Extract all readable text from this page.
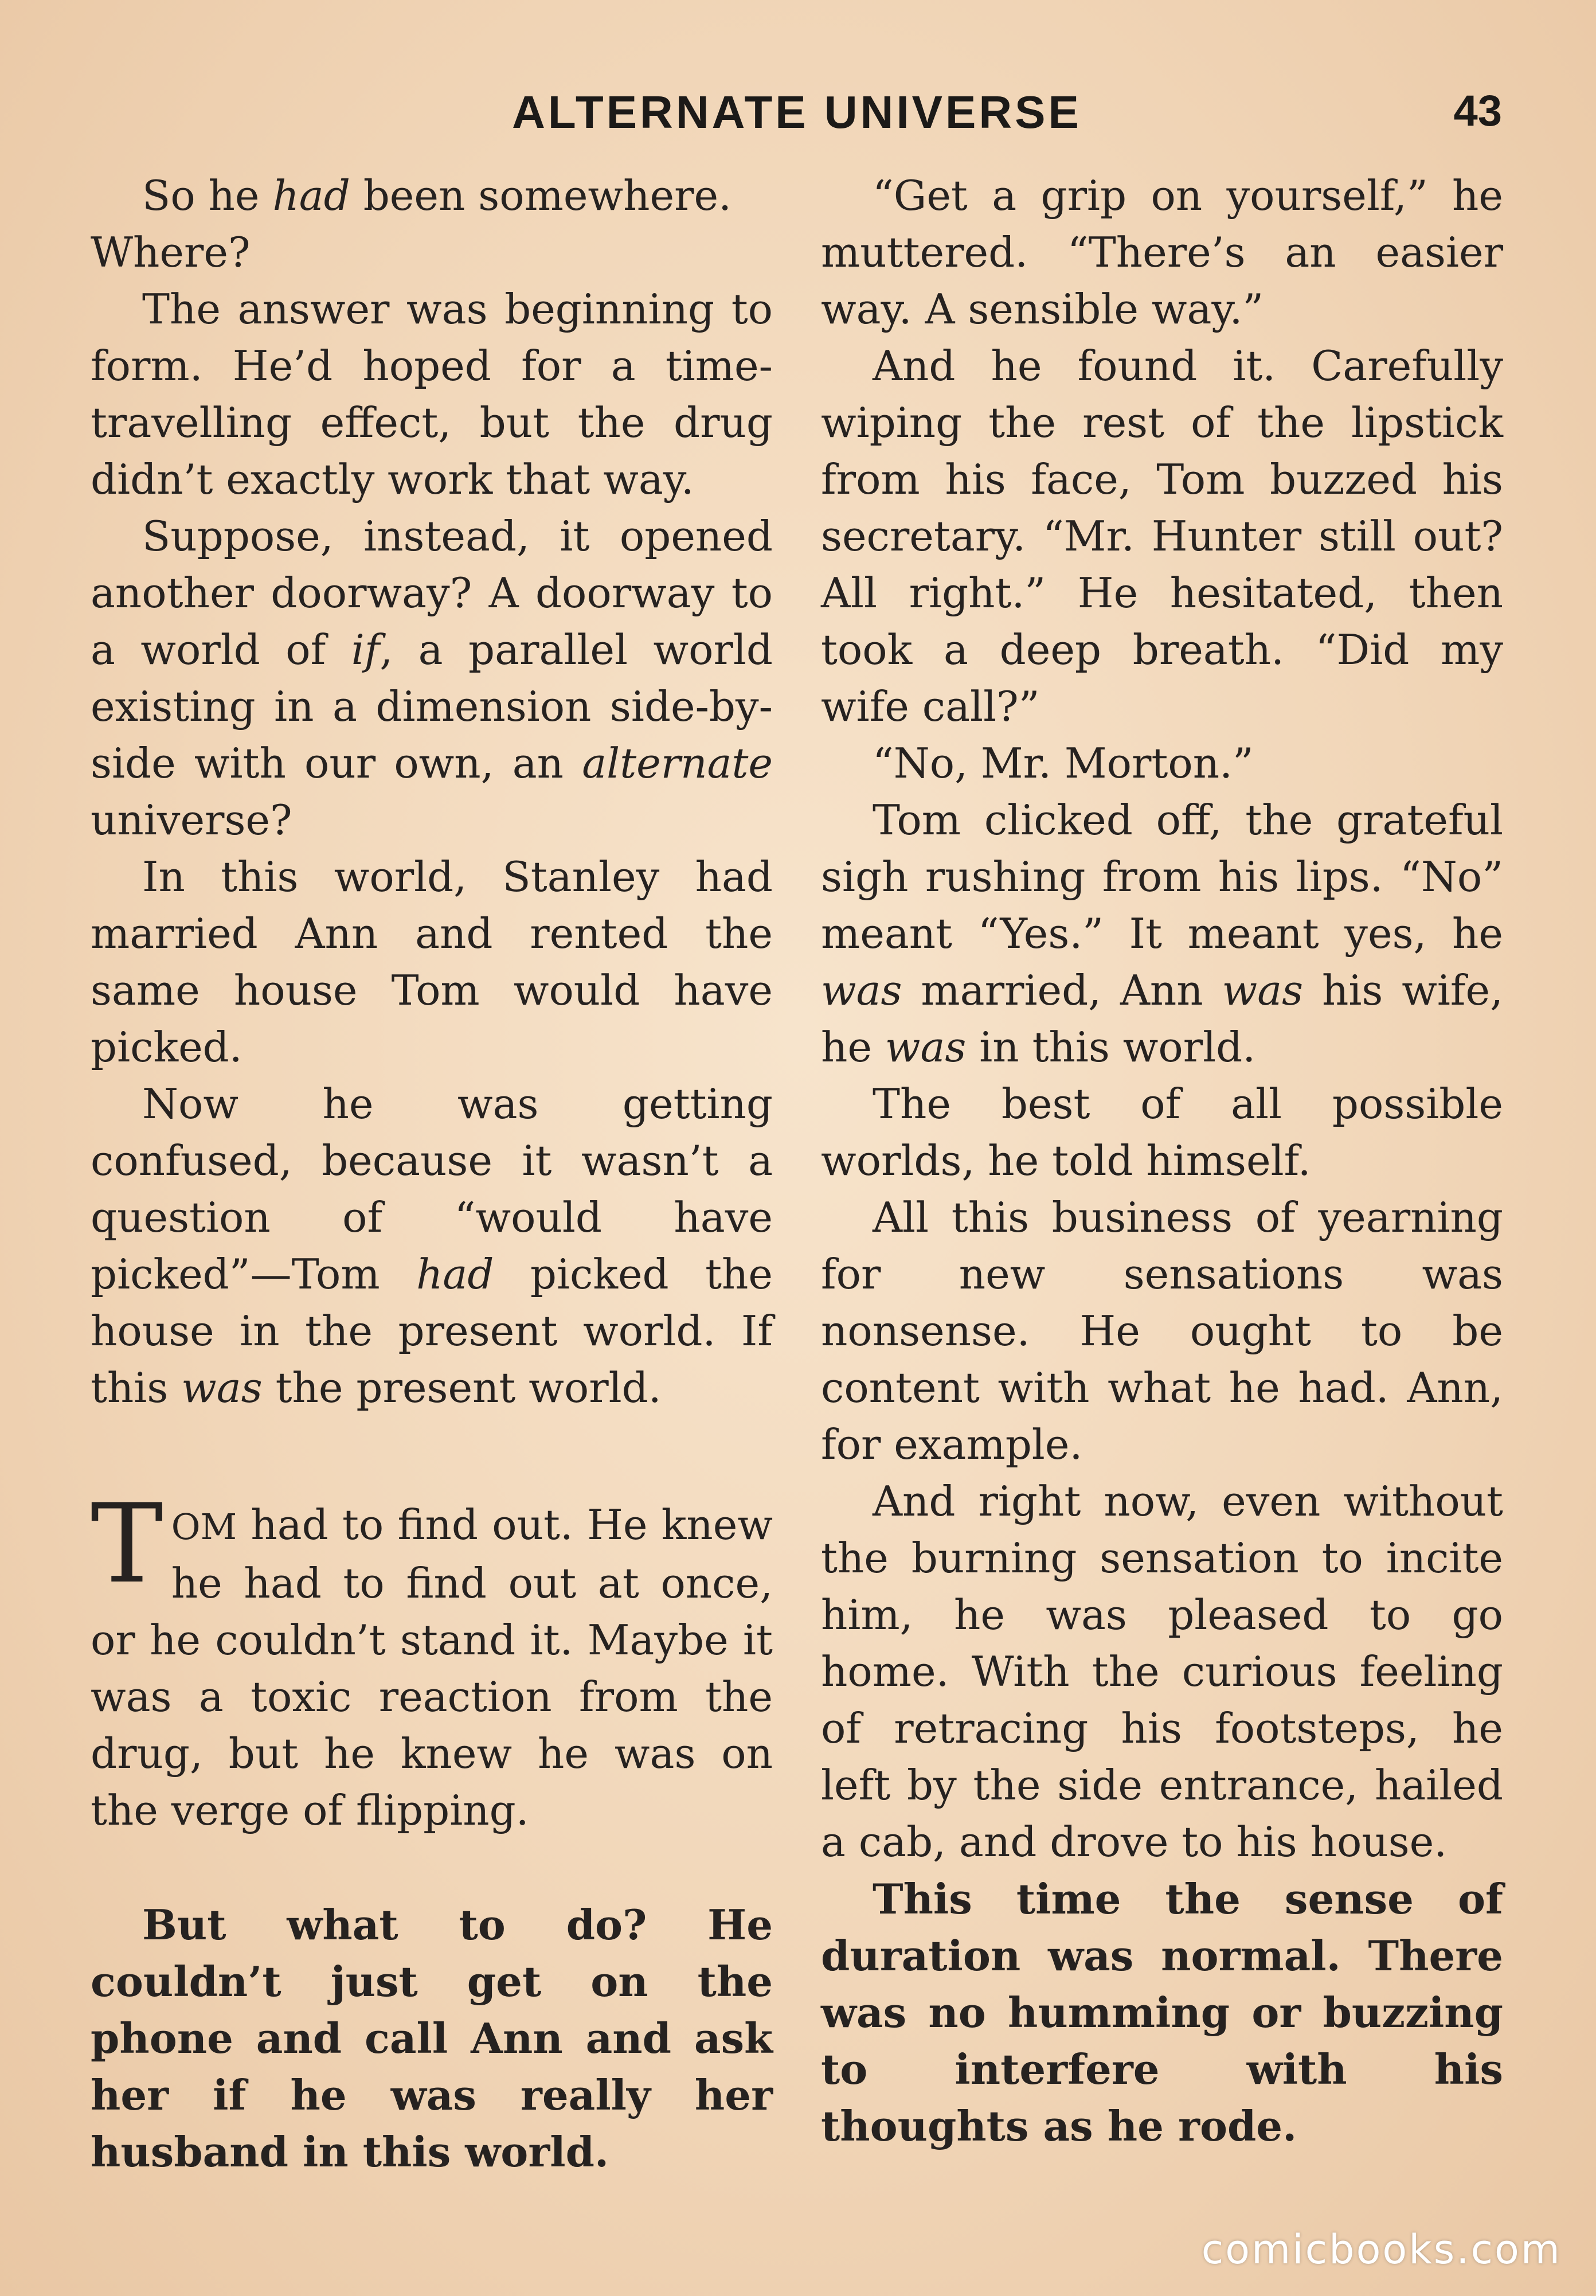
ALTERNATE UNIVERSE	43

So he had been somewhere.
Where?

The answer was beginning to form. He’d hoped for a time-travelling effect, but the drug didn’t exactly work that way.

Suppose, instead, it opened another doorway? A doorway to a world of if, a parallel world existing in a dimension side-by-side with our own, an alternate universe?

In this world, Stanley had married Ann and rented the same house Tom would have picked.

Now he was getting confused, because it wasn’t a question of “would have picked”—Tom had picked the house in the present world. If this was the present world.

TOM had to find out. He knew he had to find out at once, or he couldn’t stand it. Maybe it was a toxic reaction from the drug, but he knew he was on the verge of flipping.

But what to do? He couldn’t just get on the phone and call Ann and ask her if he was really her husband in this world.

“Get a grip on yourself,” he muttered. “There’s an easier way. A sensible way.”

And he found it. Carefully wiping the rest of the lipstick from his face, Tom buzzed his secretary. “Mr. Hunter still out? All right.” He hesitated, then took a deep breath. “Did my wife call?”

“No, Mr. Morton.”

Tom clicked off, the grateful sigh rushing from his lips. “No” meant “Yes.” It meant yes, he was married, Ann was his wife, he was in this world.

The best of all possible worlds, he told himself.

All this business of yearning for new sensations was nonsense. He ought to be content with what he had. Ann, for example.

And right now, even without the burning sensation to incite him, he was pleased to go home. With the curious feeling of retracing his footsteps, he left by the side entrance, hailed a cab, and drove to his house.

This time the sense of duration was normal. There was no humming or buzzing to interfere with his thoughts as he rode.

comicbooks.com
